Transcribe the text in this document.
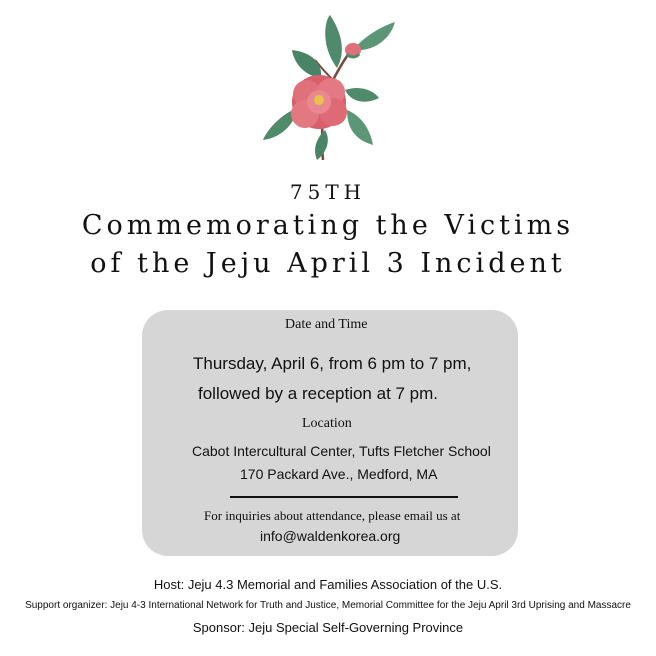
75TH
Commemorating the Victims
of the Jeju April 3 Incident
Date and Time
Thursday, April 6, from 6 pm to 7 pm,
followed by a reception at 7 pm.
Location
Cabot Intercultural Center, Tufts Fletcher School
170 Packard Ave., Medford, MA
For inquiries about attendance, please email us at
info@waldenkorea.org
Host: Jeju 4.3 Memorial and Families Association of the U.S.
Support organizer: Jeju 4-3 International Network for Truth and Justice, Memorial Committee for the Jeju April 3rd Uprising and Massacre
Sponsor: Jeju Special Self-Governing Province
